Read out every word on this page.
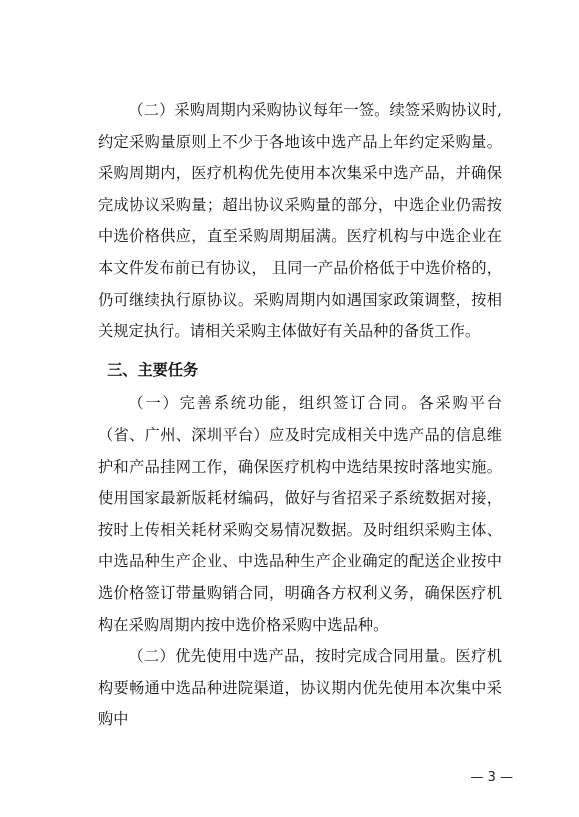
（二）采购周期内采购协议每年一签。续签采购协议时,约定采购量原则上不少于各地该中选产品上年约定采购量。采购周期内，医疗机构优先使用本次集采中选产品，并确保完成协议采购量；超出协议采购量的部分，中选企业仍需按中选价格供应，直至采购周期届满。医疗机构与中选企业在本文件发布前已有协议， 且同一产品价格低于中选价格的，仍可继续执行原协议。采购周期内如遇国家政策调整，按相关规定执行。请相关采购主体做好有关品种的备货工作。

三、主要任务

（一）完善系统功能，组织签订合同。各采购平台（省、广州、深圳平台）应及时完成相关中选产品的信息维护和产品挂网工作，确保医疗机构中选结果按时落地实施。使用国家最新版耗材编码，做好与省招采子系统数据对接，按时上传相关耗材采购交易情况数据。及时组织采购主体、中选品种生产企业、中选品种生产企业确定的配送企业按中选价格签订带量购销合同，明确各方权利义务，确保医疗机构在采购周期内按中选价格采购中选品种。

（二）优先使用中选产品，按时完成合同用量。医疗机构要畅通中选品种进院渠道，协议期内优先使用本次集中采购中

— 3 —
